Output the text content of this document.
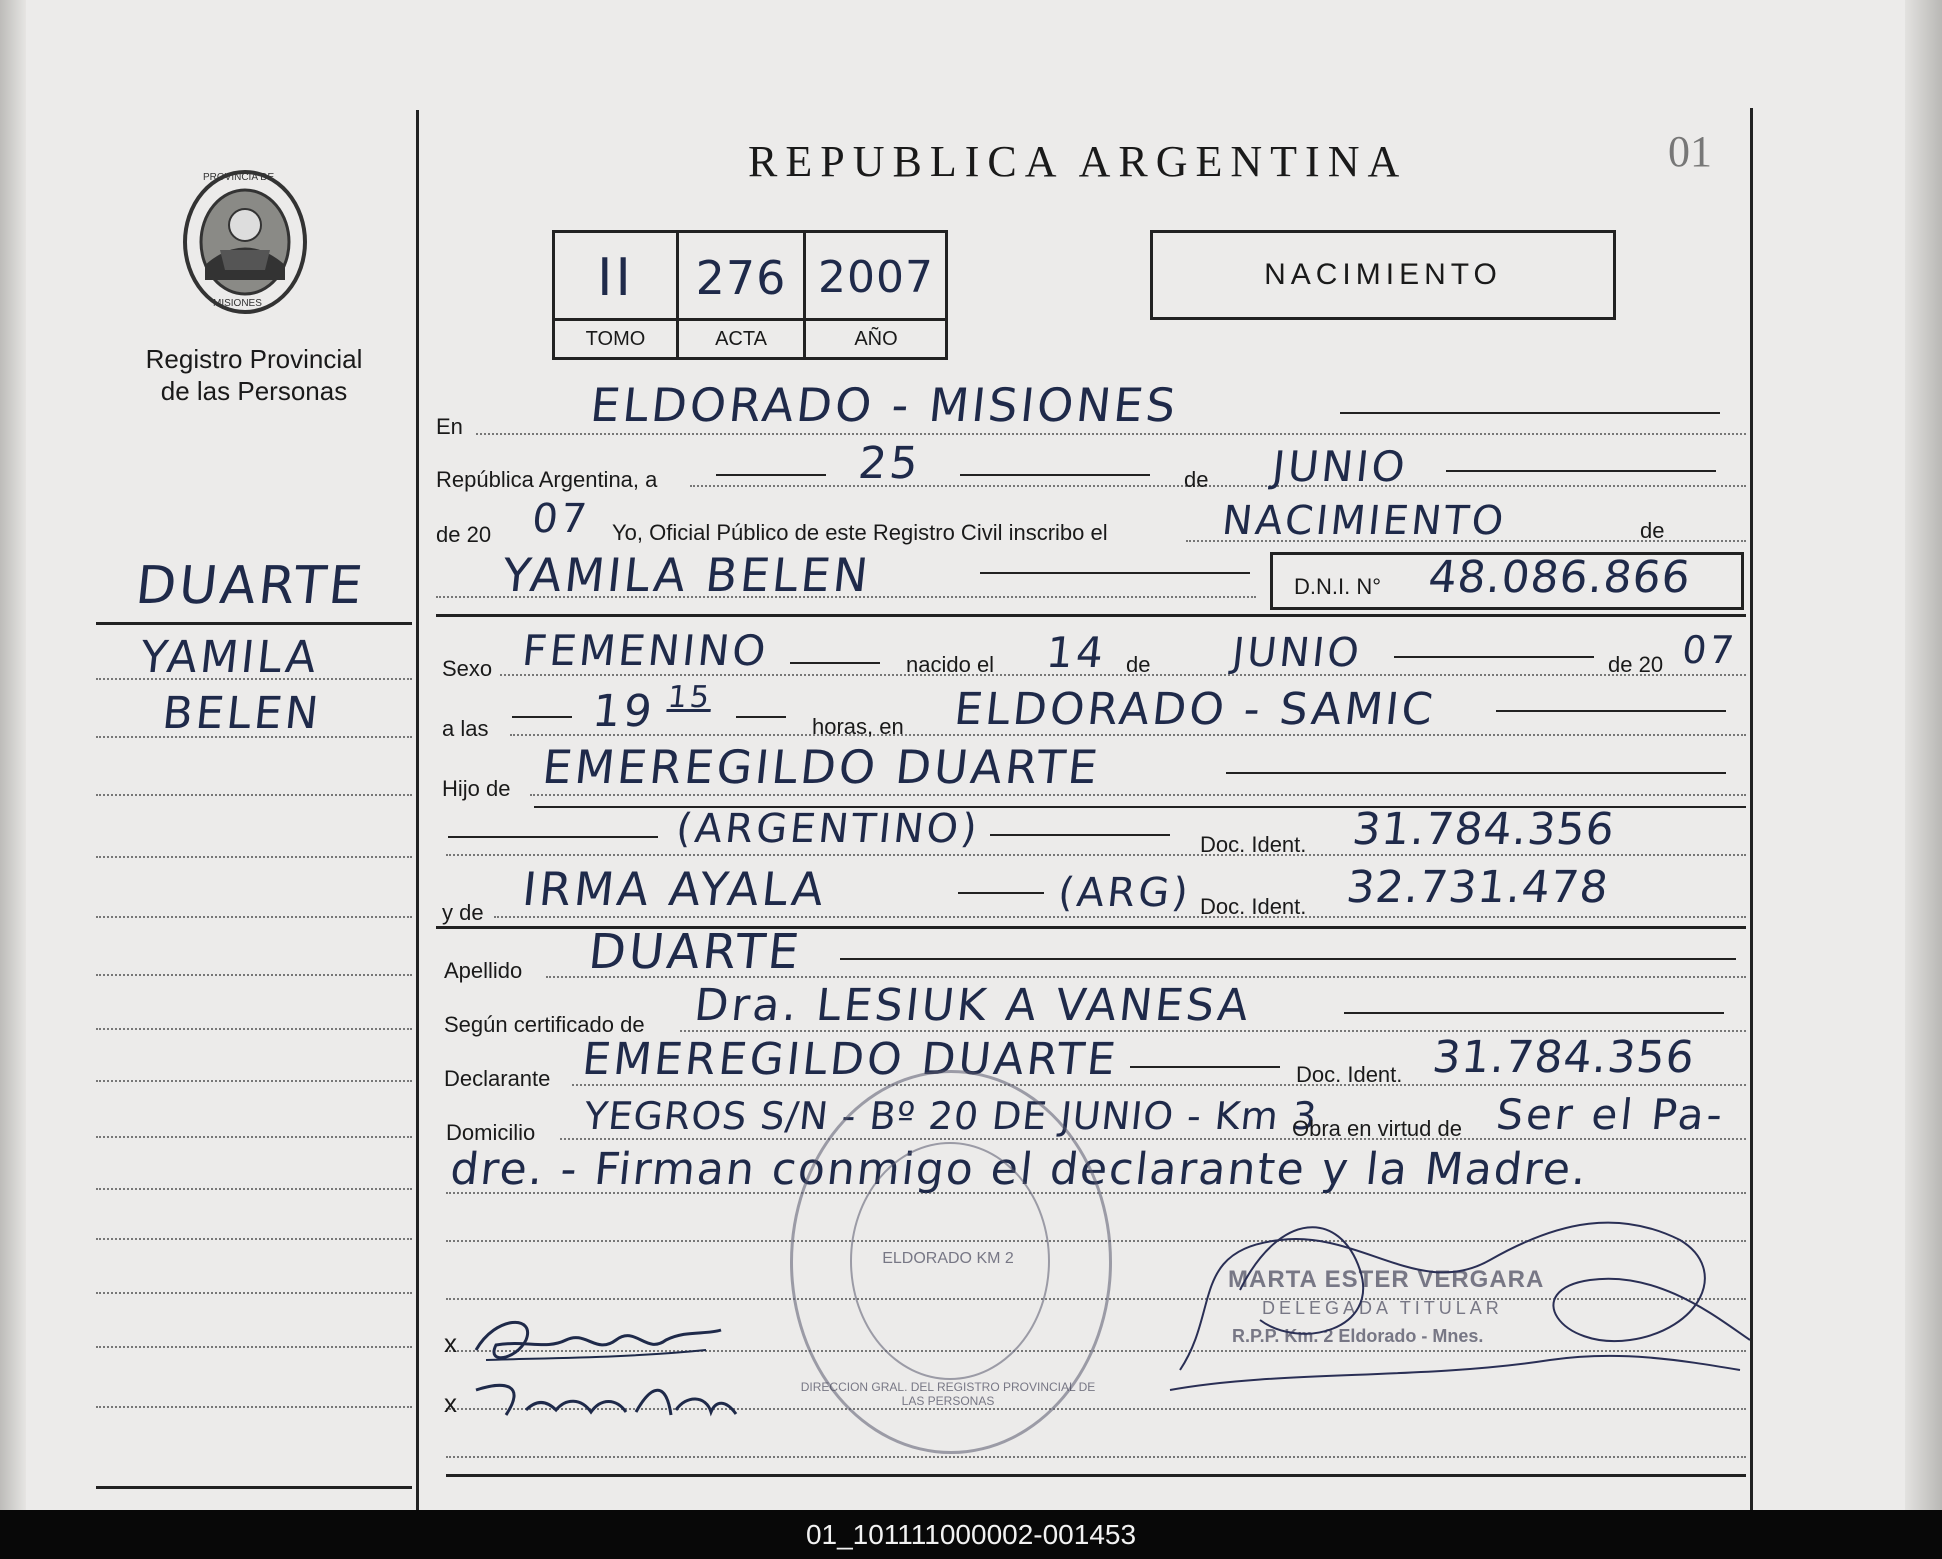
PROVINCIA DE
MISIONES
Registro Provincial
de las Personas
DUARTE
YAMILA
BELEN
REPUBLICA ARGENTINA	01
II	276 2007
TOMO	ACTA	AÑO
NACIMIENTO
En	ELDORADO - MISIONES
República Argentina, a	25	de JUNIO
de 20 07 Yo, Oficial Público de este Registro Civil inscribo el	NACIMIENTO	de
YAMILA BELEN	D.N.I. N° 48.086.866
Sexo FEMENINO	nacido el 14 de JUNIO	de 20 07
a las 19 15
horas, en ELDORADO - SAMIC
Hijo de EMEREGILDO DUARTE
(ARGENTINO)	Doc. Ident. 31.784.356
y de IRMA AYALA	(ARG) Doc. Ident. 32.731.478
Apellido DUARTE
Según certificado de Dra. LESIUK A VANESA
Declarante EMEREGILDO DUARTE	Doc. Ident. 31.784.356
Domicilio YEGROS S/N - Bº 20 DE JUNIO - Km 3
Obra en virtud de Ser el Pa-
dre. - Firman conmigo el declarante y la Madre.
DIRECCION GRAL. DEL REGISTRO PROVINCIAL DE LAS PERSONAS
ELDORADO KM 2
MARTA ESTER VERGARA
DELEGADA TITULAR
R.P.P. Km. 2 Eldorado - Mnes.
x
x
01_101111000002-001453
